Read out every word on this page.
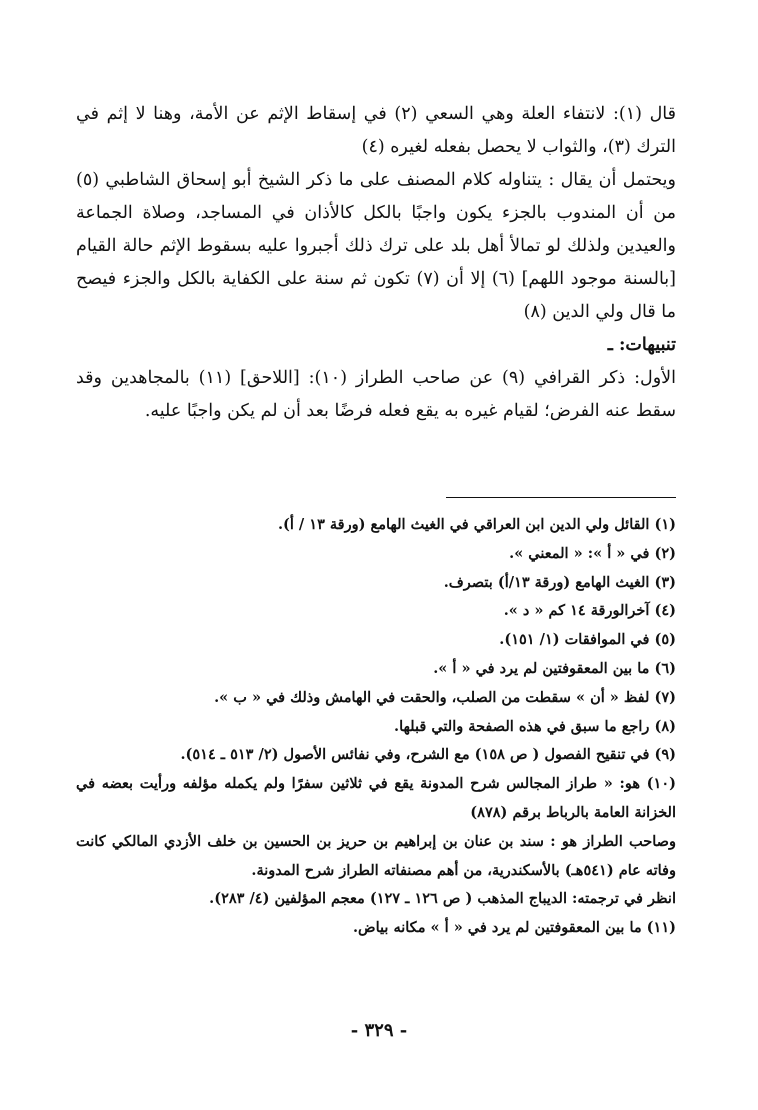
قال (١): لانتفاء العلة وهي السعي (٢) في إسقاط الإثم عن الأمة، وهنا لا إثم في الترك (٣)، والثواب لا يحصل بفعله لغيره (٤)

ويحتمل أن يقال : يتناوله كلام المصنف على ما ذكر الشيخ أبو إسحاق الشاطبي (٥) من أن المندوب بالجزء يكون واجبًا بالكل كالأذان في المساجد، وصلاة الجماعة والعيدين ولذلك لو تمالأ أهل بلد على ترك ذلك أجبروا عليه بسقوط الإثم حالة القيام [بالسنة موجود اللهم] (٦) إلا أن (٧) تكون ثم سنة على الكفاية بالكل والجزء فيصح ما قال ولي الدين (٨)

تنبيهات: ـ

الأول: ذكر القرافي (٩) عن صاحب الطراز (١٠): [اللاحق] (١١) بالمجاهدين وقد سقط عنه الفرض؛ لقيام غيره به يقع فعله فرضًا بعد أن لم يكن واجبًا عليه.

(١) القائل ولي الدين ابن العراقي في الغيث الهامع (ورقة ١٣ / أ).

(٢) في « أ »: « المعني ».

(٣) الغيث الهامع (ورقة ١٣/أ) بتصرف.

(٤) آخرالورقة ١٤ كم « د ».

(٥) في الموافقات (١/ ١٥١).

(٦) ما بين المعقوفتين لم يرد في « أ ».

(٧) لفظ « أن » سقطت من الصلب، والحقت في الهامش وذلك في « ب ».

(٨) راجع ما سبق في هذه الصفحة والتي قبلها.

(٩) في تنقيح الفصول ( ص ١٥٨) مع الشرح، وفي نفائس الأصول (٢/ ٥١٣ ـ ٥١٤).

(١٠) هو: « طراز المجالس شرح المدونة يقع في ثلاثين سفرًا ولم يكمله مؤلفه ورأيت بعضه في الخزانة العامة بالرباط برقم (٨٧٨)

وصاحب الطراز هو : سند بن عنان بن إبراهيم بن حريز بن الحسين بن خلف الأزدي المالكي كانت وفاته عام (٥٤١هـ) بالأسكندرية، من أهم مصنفاته الطراز شرح المدونة.

انظر في ترجمته: الديباج المذهب ( ص ١٢٦ ـ ١٢٧) معجم المؤلفين (٤/ ٢٨٣).

(١١) ما بين المعقوفتين لم يرد في « أ » مكانه بياض.

- ٣٢٩ -
